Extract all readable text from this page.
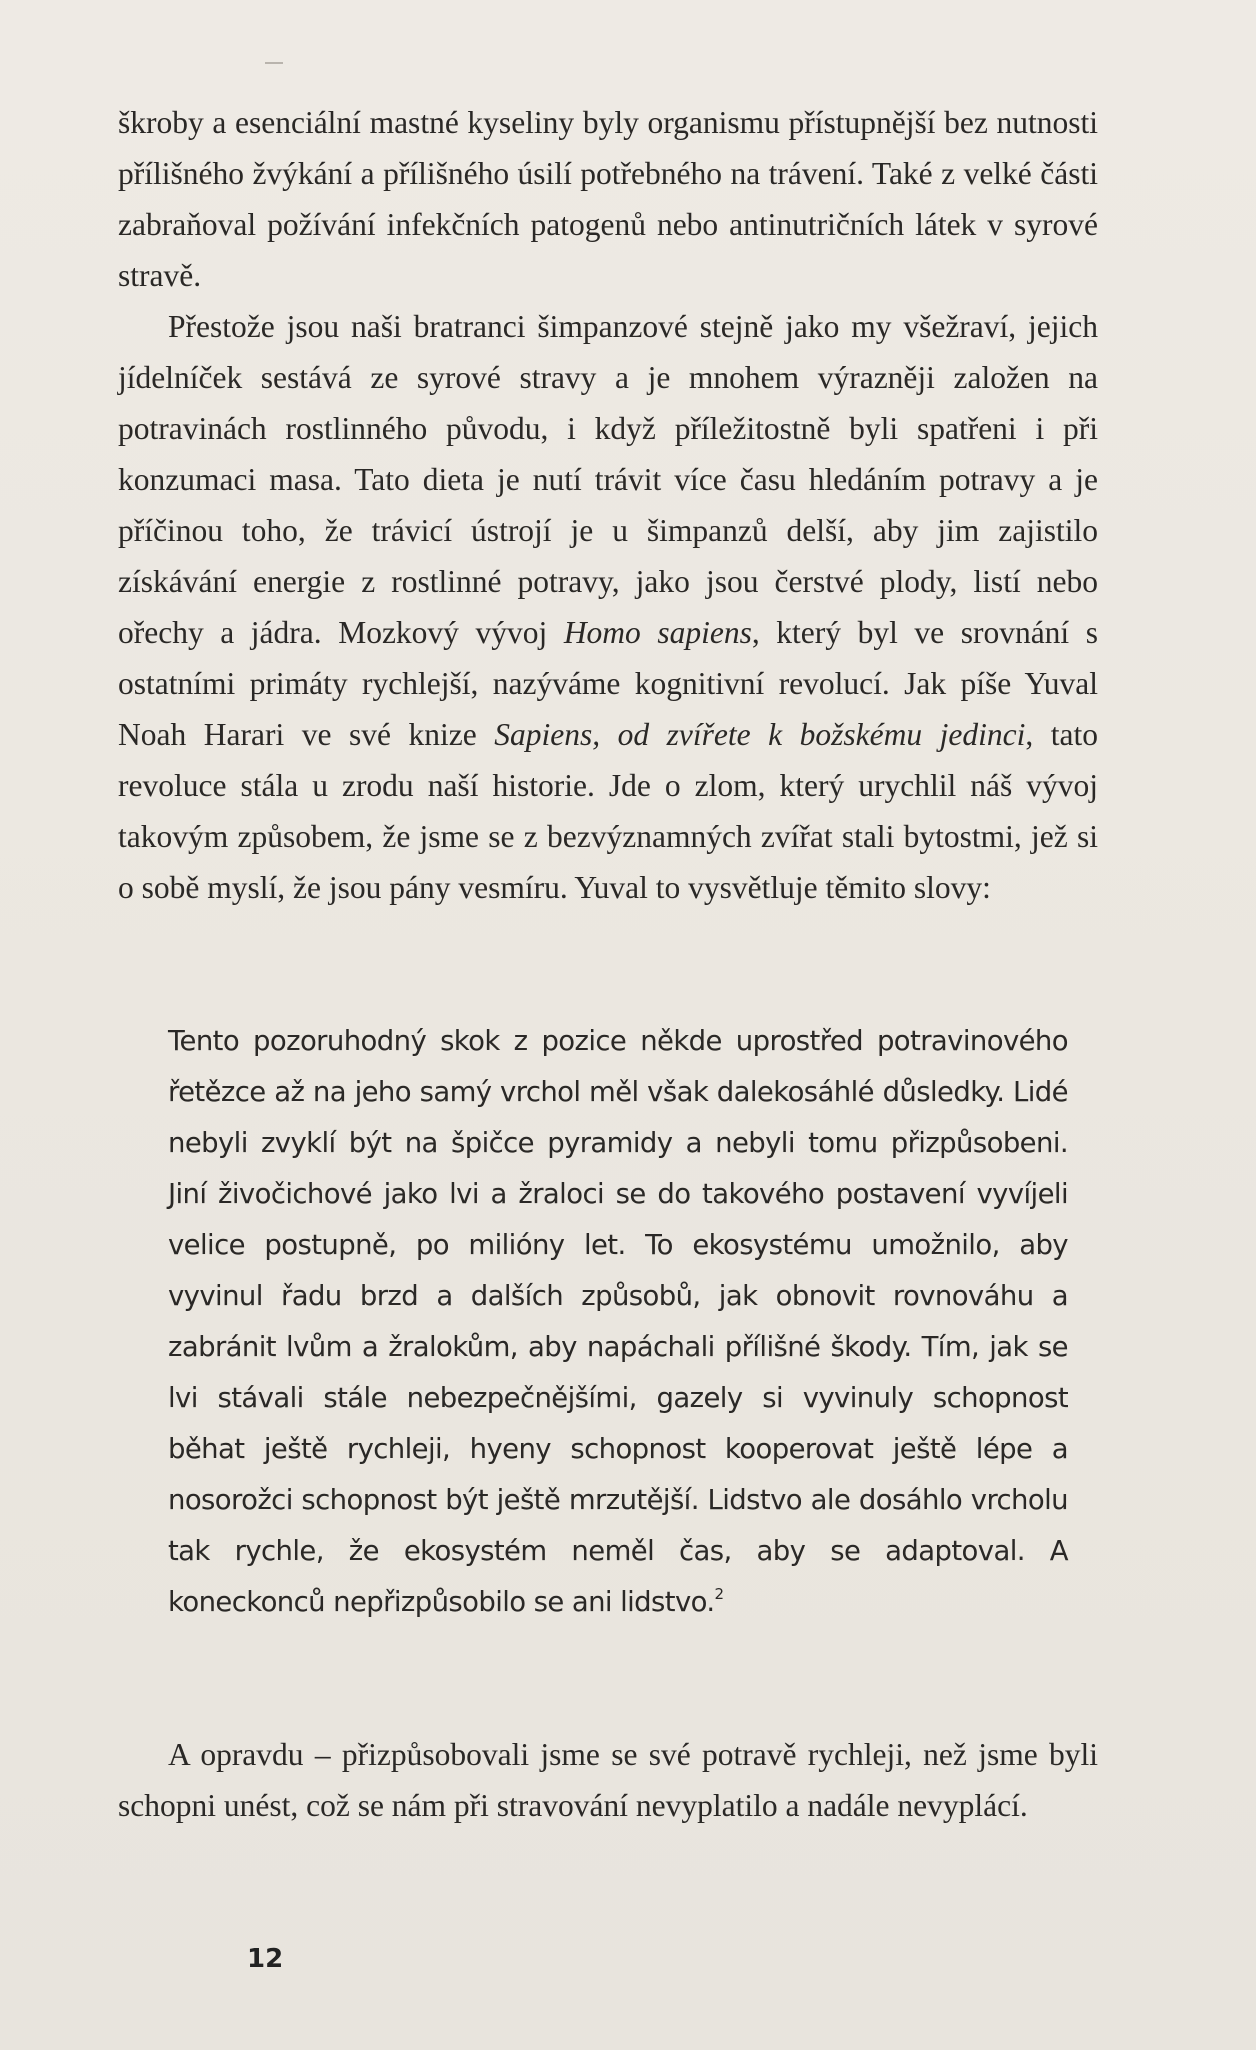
škroby a esenciální mastné kyseliny byly organismu přístupnější bez nutnosti přílišného žvýkání a přílišného úsilí potřebného na trávení. Také z velké části zabraňoval požívání infekčních patogenů nebo antinutričních látek v syrové stravě.

Přestože jsou naši bratranci šimpanzové stejně jako my všežraví, jejich jídelníček sestává ze syrové stravy a je mnohem výrazněji založen na potravinách rostlinného původu, i když příležitostně byli spatřeni i při konzumaci masa. Tato dieta je nutí trávit více času hledáním potravy a je příčinou toho, že trávicí ústrojí je u šimpanzů delší, aby jim zajistilo získávání energie z rostlinné potravy, jako jsou čerstvé plody, listí nebo ořechy a jádra. Mozkový vývoj Homo sapiens, který byl ve srovnání s ostatními primáty rychlejší, nazýváme kognitivní revolucí. Jak píše Yuval Noah Harari ve své knize Sapiens, od zvířete k božskému jedinci, tato revoluce stála u zrodu naší historie. Jde o zlom, který urychlil náš vývoj takovým způsobem, že jsme se z bezvýznamných zvířat stali bytostmi, jež si o sobě myslí, že jsou pány vesmíru. Yuval to vysvětluje těmito slovy:

Tento pozoruhodný skok z pozice někde uprostřed potravinového řetězce až na jeho samý vrchol měl však dalekosáhlé důsledky. Lidé nebyli zvyklí být na špičce pyramidy a nebyli tomu přizpůsobeni. Jiní živočichové jako lvi a žraloci se do takového postavení vyvíjeli velice postupně, po milióny let. To ekosystému umožnilo, aby vyvinul řadu brzd a dalších způsobů, jak obnovit rovnováhu a zabránit lvům a žralokům, aby napáchali přílišné škody. Tím, jak se lvi stávali stále nebezpečnějšími, gazely si vyvinuly schopnost běhat ještě rychleji, hyeny schopnost kooperovat ještě lépe a nosorožci schopnost být ještě mrzutější. Lidstvo ale dosáhlo vrcholu tak rychle, že ekosystém neměl čas, aby se adaptoval. A koneckonců nepřizpůsobilo se ani lidstvo.$^2$

A opravdu – přizpůsobovali jsme se své potravě rychleji, než jsme byli schopni unést, což se nám při stravování nevyplatilo a nadále nevyplácí.

12
